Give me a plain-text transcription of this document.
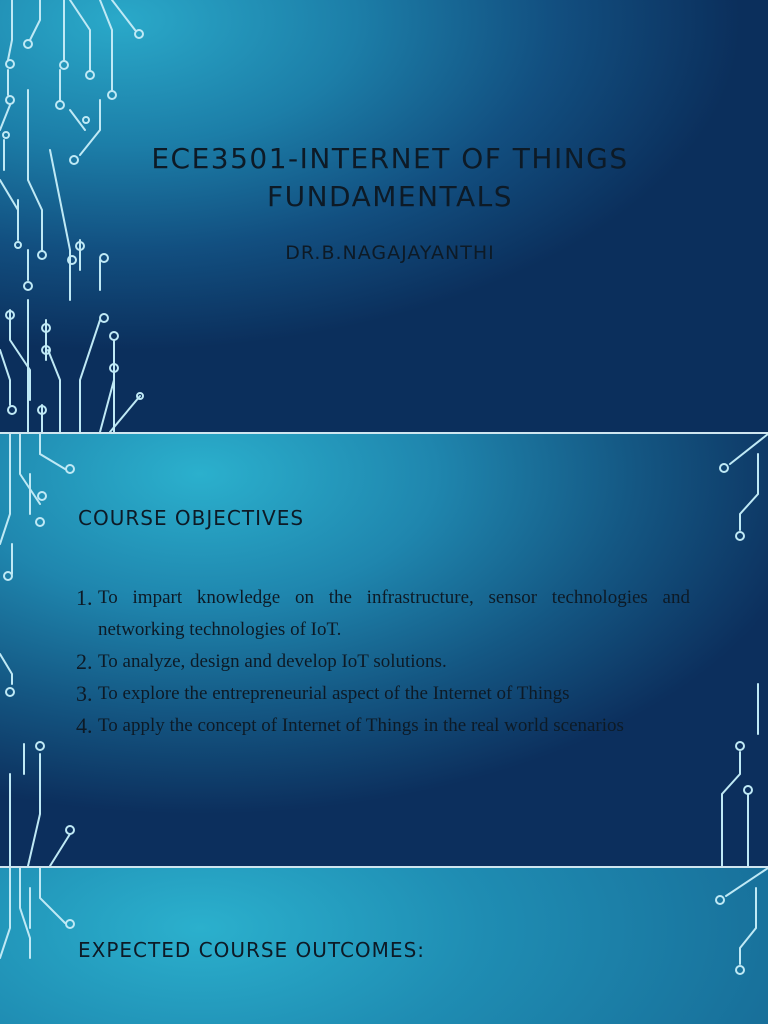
ECE3501-INTERNET OF THINGS
FUNDAMENTALS
DR.B.NAGAJAYANTHI
COURSE OBJECTIVES
1. To impart knowledge on the infrastructure, sensor technologies and networking technologies of IoT.
2. To analyze, design and develop IoT solutions.
3. To explore the entrepreneurial aspect of the Internet of Things
4. To apply the concept of Internet of Things in the real world scenarios
EXPECTED COURSE OUTCOMES:
